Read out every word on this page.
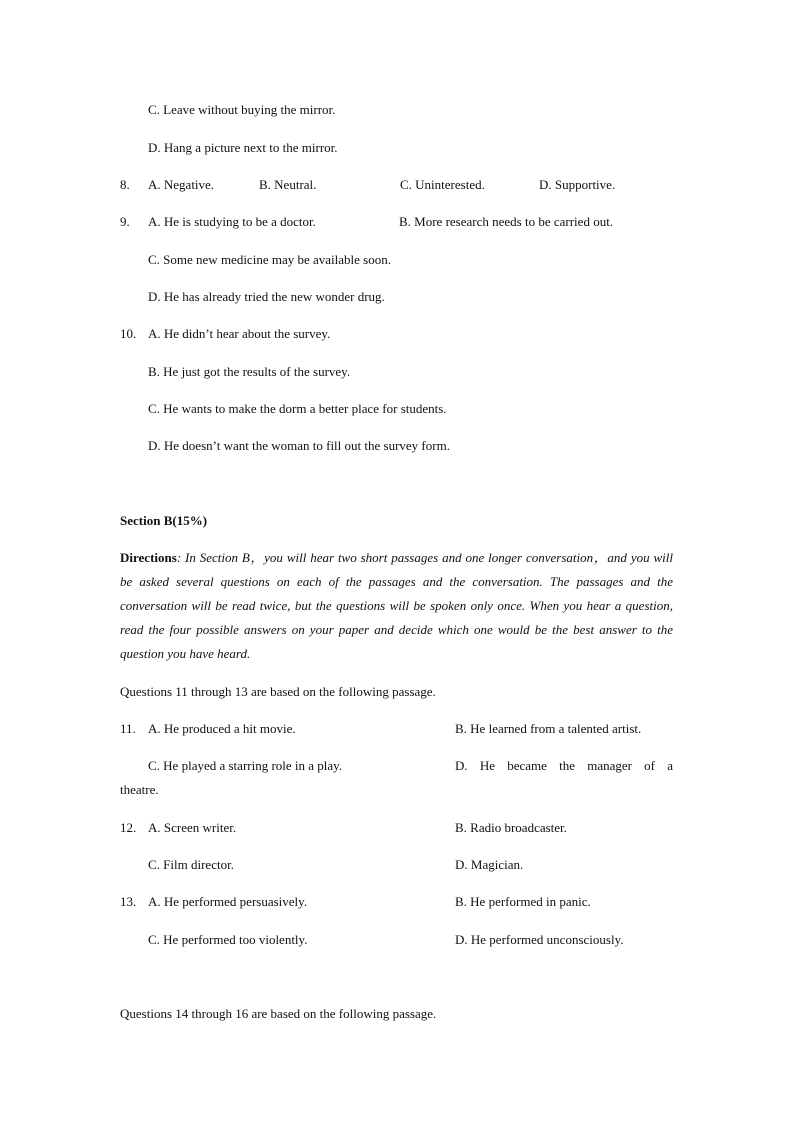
C. Leave without buying the mirror.
D. Hang a picture next to the mirror.
8. A. Negative.	B. Neutral.	C. Uninterested.	D. Supportive.
9. A. He is studying to be a doctor.	B. More research needs to be carried out.
C. Some new medicine may be available soon.
D. He has already tried the new wonder drug.
10. A. He didn’t hear about the survey.
B. He just got the results of the survey.
C. He wants to make the dorm a better place for students.
D. He doesn’t want the woman to fill out the survey form.
Section B(15%)
Directions: In Section B，you will hear two short passages and one longer conversation，and you will be asked several questions on each of the passages and the conversation. The passages and the conversation will be read twice, but the questions will be spoken only once. When you hear a question, read the four possible answers on your paper and decide which one would be the best answer to the question you have heard.
Questions 11 through 13 are based on the following passage.
11. A. He produced a hit movie.	B. He learned from a talented artist.
C. He played a starring role in a play.	D. He became the manager of a
theatre.
12. A. Screen writer.	B. Radio broadcaster.
C. Film director.	D. Magician.
13. A. He performed persuasively.	B. He performed in panic.
C. He performed too violently.	D. He performed unconsciously.
Questions 14 through 16 are based on the following passage.
